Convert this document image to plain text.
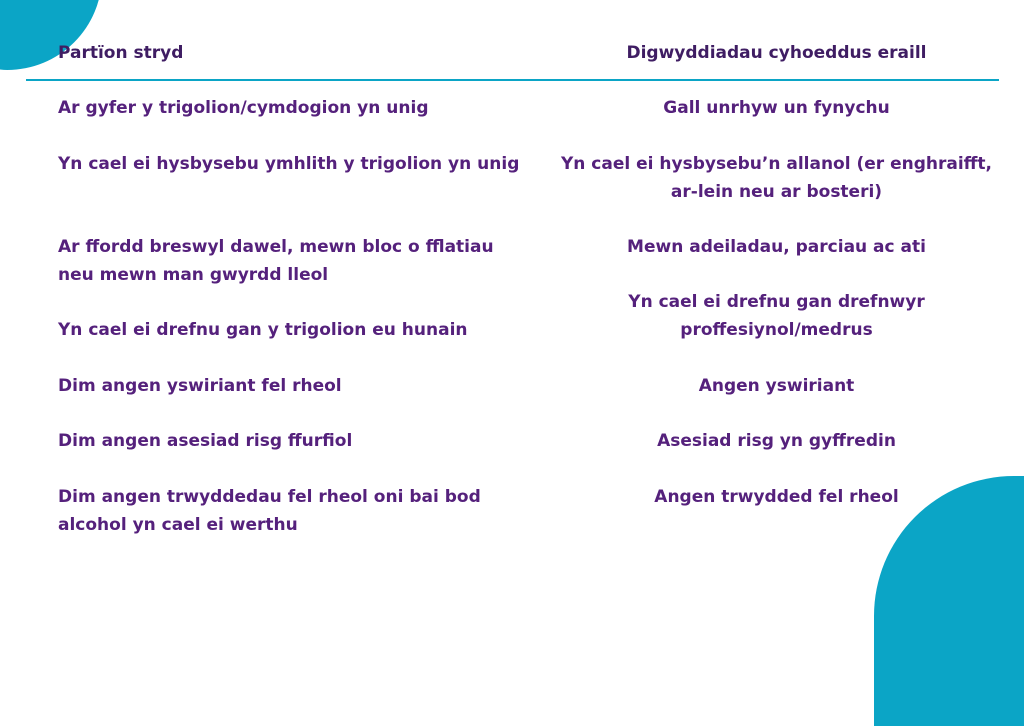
Partïon stryd	Digwyddiadau cyhoeddus eraill
Ar gyfer y trigolion/cymdogion yn unig
Yn cael ei hysbysebu ymhlith y trigolion yn unig
Ar ffordd breswyl dawel, mewn bloc o fflatiau neu mewn man gwyrdd lleol
Yn cael ei drefnu gan y trigolion eu hunain
Dim angen yswiriant fel rheol
Dim angen asesiad risg ffurfiol
Dim angen trwyddedau fel rheol oni bai bod alcohol yn cael ei werthu
Gall unrhyw un fynychu
Yn cael ei hysbysebu’n allanol (er enghraifft, ar-lein neu ar bosteri)
Mewn adeiladau, parciau ac ati
Yn cael ei drefnu gan drefnwyr proffesiynol/medrus
Angen yswiriant
Asesiad risg yn gyffredin
Angen trwydded fel rheol
